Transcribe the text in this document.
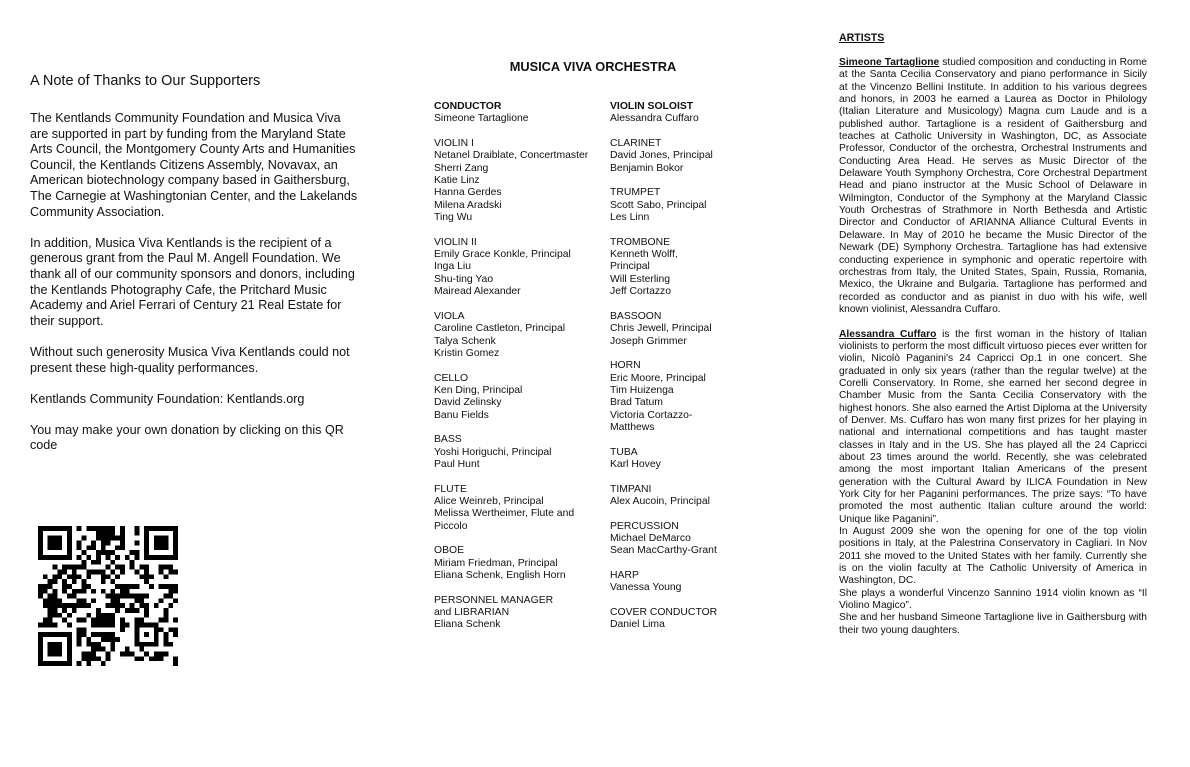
A Note of Thanks to Our Supporters

The Kentlands Community Foundation and Musica Viva are supported in part by funding from the Maryland State Arts Council, the Montgomery County Arts and Humanities Council, the Kentlands Citizens Assembly, Novavax, an American biotechnology company based in Gaithersburg, The Carnegie at Washingtonian Center, and the Lakelands Community Association.

In addition, Musica Viva Kentlands is the recipient of a generous grant from the Paul M. Angell Foundation. We thank all of our community sponsors and donors, including the Kentlands Photography Cafe, the Pritchard Music Academy and Ariel Ferrari of Century 21 Real Estate for their support.

Without such generosity Musica Viva Kentlands could not present these high-quality performances.

Kentlands Community Foundation: Kentlands.org

You may make your own donation by clicking on this QR code

MUSICA VIVA ORCHESTRA
CONDUCTOR
Simeone Tartaglione
VIOLIN I
Netanel Draiblate, Concertmaster
Sherri Zang
Katie Linz
Hanna Gerdes
Milena Aradski
Ting Wu
VIOLIN II
Emily Grace Konkle, Principal
Inga Liu
Shu-ting Yao
Mairead Alexander
VIOLA
Caroline Castleton, Principal
Talya Schenk
Kristin Gomez
CELLO
Ken Ding, Principal
David Zelinsky
Banu Fields
BASS
Yoshi Horiguchi, Principal
Paul Hunt
FLUTE
Alice Weinreb, Principal
Melissa Wertheimer, Flute and
Piccolo
OBOE
Miriam Friedman, Principal
Eliana Schenk, English Horn
PERSONNEL MANAGER
and LIBRARIAN
Eliana Schenk
VIOLIN SOLOIST
Alessandra Cuffaro
CLARINET
David Jones, Principal
Benjamin Bokor
TRUMPET
Scott Sabo, Principal
Les Linn
TROMBONE
Kenneth Wolff,
Principal
Will Esterling
Jeff Cortazzo
BASSOON
Chris Jewell, Principal
Joseph Grimmer
HORN
Eric Moore, Principal
Tim Huizenga
Brad Tatum
Victoria Cortazzo-
Matthews
TUBA
Karl Hovey
TIMPANI
Alex Aucoin, Principal
PERCUSSION
Michael DeMarco
Sean MacCarthy-Grant
HARP
Vanessa Young
COVER CONDUCTOR
Daniel Lima
ARTISTS

Simeone Tartaglione studied composition and conducting in Rome at the Santa Cecilia Conservatory and piano performance in Sicily at the Vincenzo Bellini Institute. In addition to his various degrees and honors, in 2003 he earned a Laurea as Doctor in Philology (Italian Literature and Musicology) Magna cum Laude and is a published author. Tartaglione is a resident of Gaithersburg and teaches at Catholic University in Washington, DC, as Associate Professor, Conductor of the orchestra, Orchestral Instruments and Conducting Area Head. He serves as Music Director of the Delaware Youth Symphony Orchestra, Core Orchestral Department Head and piano instructor at the Music School of Delaware in Wilmington, Conductor of the Symphony at the Maryland Classic Youth Orchestras of Strathmore in North Bethesda and Artistic Director and Conductor of ARIANNA Alliance Cultural Events in Delaware. In May of 2010 he became the Music Director of the Newark (DE) Symphony Orchestra. Tartaglione has had extensive conducting experience in symphonic and operatic repertoire with orchestras from Italy, the United States, Spain, Russia, Romania, Mexico, the Ukraine and Bulgaria. Tartaglione has performed and recorded as conductor and as pianist in duo with his wife, well known violinist, Alessandra Cuffaro.

Alessandra Cuffaro is the first woman in the history of Italian violinists to perform the most difficult virtuoso pieces ever written for violin, Nicolò Paganini's 24 Capricci Op.1 in one concert. She graduated in only six years (rather than the regular twelve) at the Corelli Conservatory. In Rome, she earned her second degree in Chamber Music from the Santa Cecilia Conservatory with the highest honors. She also earned the Artist Diploma at the University of Denver. Ms. Cuffaro has won many first prizes for her playing in national and international competitions and has taught master classes in Italy and in the US. She has played all the 24 Capricci about 23 times around the world. Recently, she was celebrated among the most important Italian Americans of the present generation with the Cultural Award by ILICA Foundation in New York City for her Paganini performances. The prize says: “To have promoted the most authentic Italian culture around the world: Unique like Paganini”.

In August 2009 she won the opening for one of the top violin positions in Italy, at the Palestrina Conservatory in Cagliari. In Nov 2011 she moved to the United States with her family. Currently she is on the violin faculty at The Catholic University of America in Washington, DC.

She plays a wonderful Vincenzo Sannino 1914 violin known as “Il Violino Magico”.

She and her husband Simeone Tartaglione live in Gaithersburg with their two young daughters.
